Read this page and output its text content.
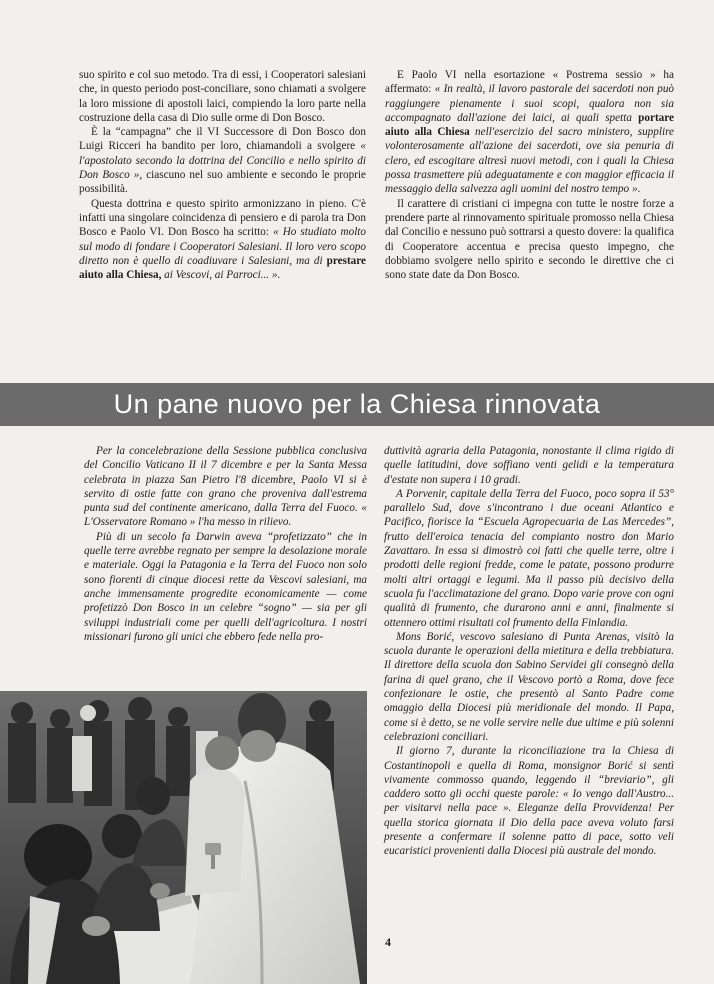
suo spirito e col suo metodo. Tra di essi, i Cooperatori salesiani che, in questo periodo post-conciliare, sono chiamati a svolgere la loro missione di apostoli laici, compiendo la loro parte nella costruzione della casa di Dio sulle orme di Don Bosco.

È la “campagna” che il VI Successore di Don Bosco don Luigi Ricceri ha bandito per loro, chiamandoli a svolgere « l'apostolato secondo la dottrina del Concilio e nello spirito di Don Bosco », ciascuno nel suo ambiente e secondo le proprie possibilità.

Questa dottrina e questo spirito armonizzano in pieno. C'è infatti una singolare coincidenza di pensiero e di parola tra Don Bosco e Paolo VI. Don Bosco ha scritto: « Ho studiato molto sul modo di fondare i Cooperatori Salesiani. Il loro vero scopo diretto non è quello di coadiuvare i Salesiani, ma di prestare aiuto alla Chiesa, ai Vescovi, ai Parroci... ».

E Paolo VI nella esortazione « Postrema sessio » ha affermato: « In realtà, il lavoro pastorale dei sacerdoti non può raggiungere pienamente i suoi scopi, qualora non sia accompagnato dall'azione dei laici, ai quali spetta portare aiuto alla Chiesa nell'esercizio del sacro ministero, supplire volonterosamente all'azione dei sacerdoti, ove sia penuria di clero, ed escogitare altresì nuovi metodi, con i quali la Chiesa possa trasmettere più adeguatamente e con maggior efficacia il messaggio della salvezza agli uomini del nostro tempo ».

Il carattere di cristiani ci impegna con tutte le nostre forze a prendere parte al rinnovamento spirituale promosso nella Chiesa dal Concilio e nessuno può sottrarsi a questo dovere: la qualifica di Cooperatore accentua e precisa questo impegno, che dobbiamo svolgere nello spirito e secondo le direttive che ci sono state date da Don Bosco.

Un pane nuovo per la Chiesa rinnovata

Per la concelebrazione della Sessione pubblica conclusiva del Concilio Vaticano II il 7 dicembre e per la Santa Messa celebrata in piazza San Pietro l'8 dicembre, Paolo VI si è servito di ostie fatte con grano che proveniva dall'estrema punta sud del continente americano, dalla Terra del Fuoco. « L'Osservatore Romano » l'ha messo in rilievo.

Più di un secolo fa Darwin aveva “profetizzato” che in quelle terre avrebbe regnato per sempre la desolazione morale e materiale. Oggi la Patagonia e la Terra del Fuoco non solo sono fiorenti di cinque diocesi rette da Vescovi salesiani, ma anche immensamente progredite economicamente — come profetizzò Don Bosco in un celebre “sogno” — sia per gli sviluppi industriali come per quelli dell'agricoltura. I nostri missionari furono gli unici che ebbero fede nella pro-

duttività agraria della Patagonia, nonostante il clima rigido di quelle latitudini, dove soffiano venti gelidi e la temperatura d'estate non supera i 10 gradi.

A Porvenir, capitale della Terra del Fuoco, poco sopra il 53° parallelo Sud, dove s'incontrano i due oceani Atlantico e Pacifico, fiorisce la “Escuela Agropecuaria de Las Mercedes”, frutto dell'eroica tenacia del compianto nostro don Mario Zavattaro. In essa si dimostrò coi fatti che quelle terre, oltre i prodotti delle regioni fredde, come le patate, possono produrre molti altri ortaggi e legumi. Ma il passo più decisivo della scuola fu l'acclimatazione del grano. Dopo varie prove con ogni qualità di frumento, che durarono anni e anni, finalmente si ottennero ottimi risultati col frumento della Finlandia.

Mons Borić, vescovo salesiano di Punta Arenas, visitò la scuola durante le operazioni della mietitura e della trebbiatura. Il direttore della scuola don Sabino Servidei gli consegnò della farina di quel grano, che il Vescovo portò a Roma, dove fece confezionare le ostie, che presentò al Santo Padre come omaggio della Diocesi più meridionale del mondo. Il Papa, come si è detto, se ne volle servire nelle due ultime e più solenni celebrazioni conciliari.

Il giorno 7, durante la riconciliazione tra la Chiesa di Costantinopoli e quella di Roma, monsignor Borić si sentì vivamente commosso quando, leggendo il “breviario”, gli caddero sotto gli occhi queste parole: « Io vengo dall'Austro... per visitarvi nella pace ». Eleganze della Provvidenza! Per quella storica giornata il Dio della pace aveva voluto farsi presente a confermare il solenne patto di pace, sotto veli eucaristici provenienti dalla Diocesi più australe del mondo.

4
